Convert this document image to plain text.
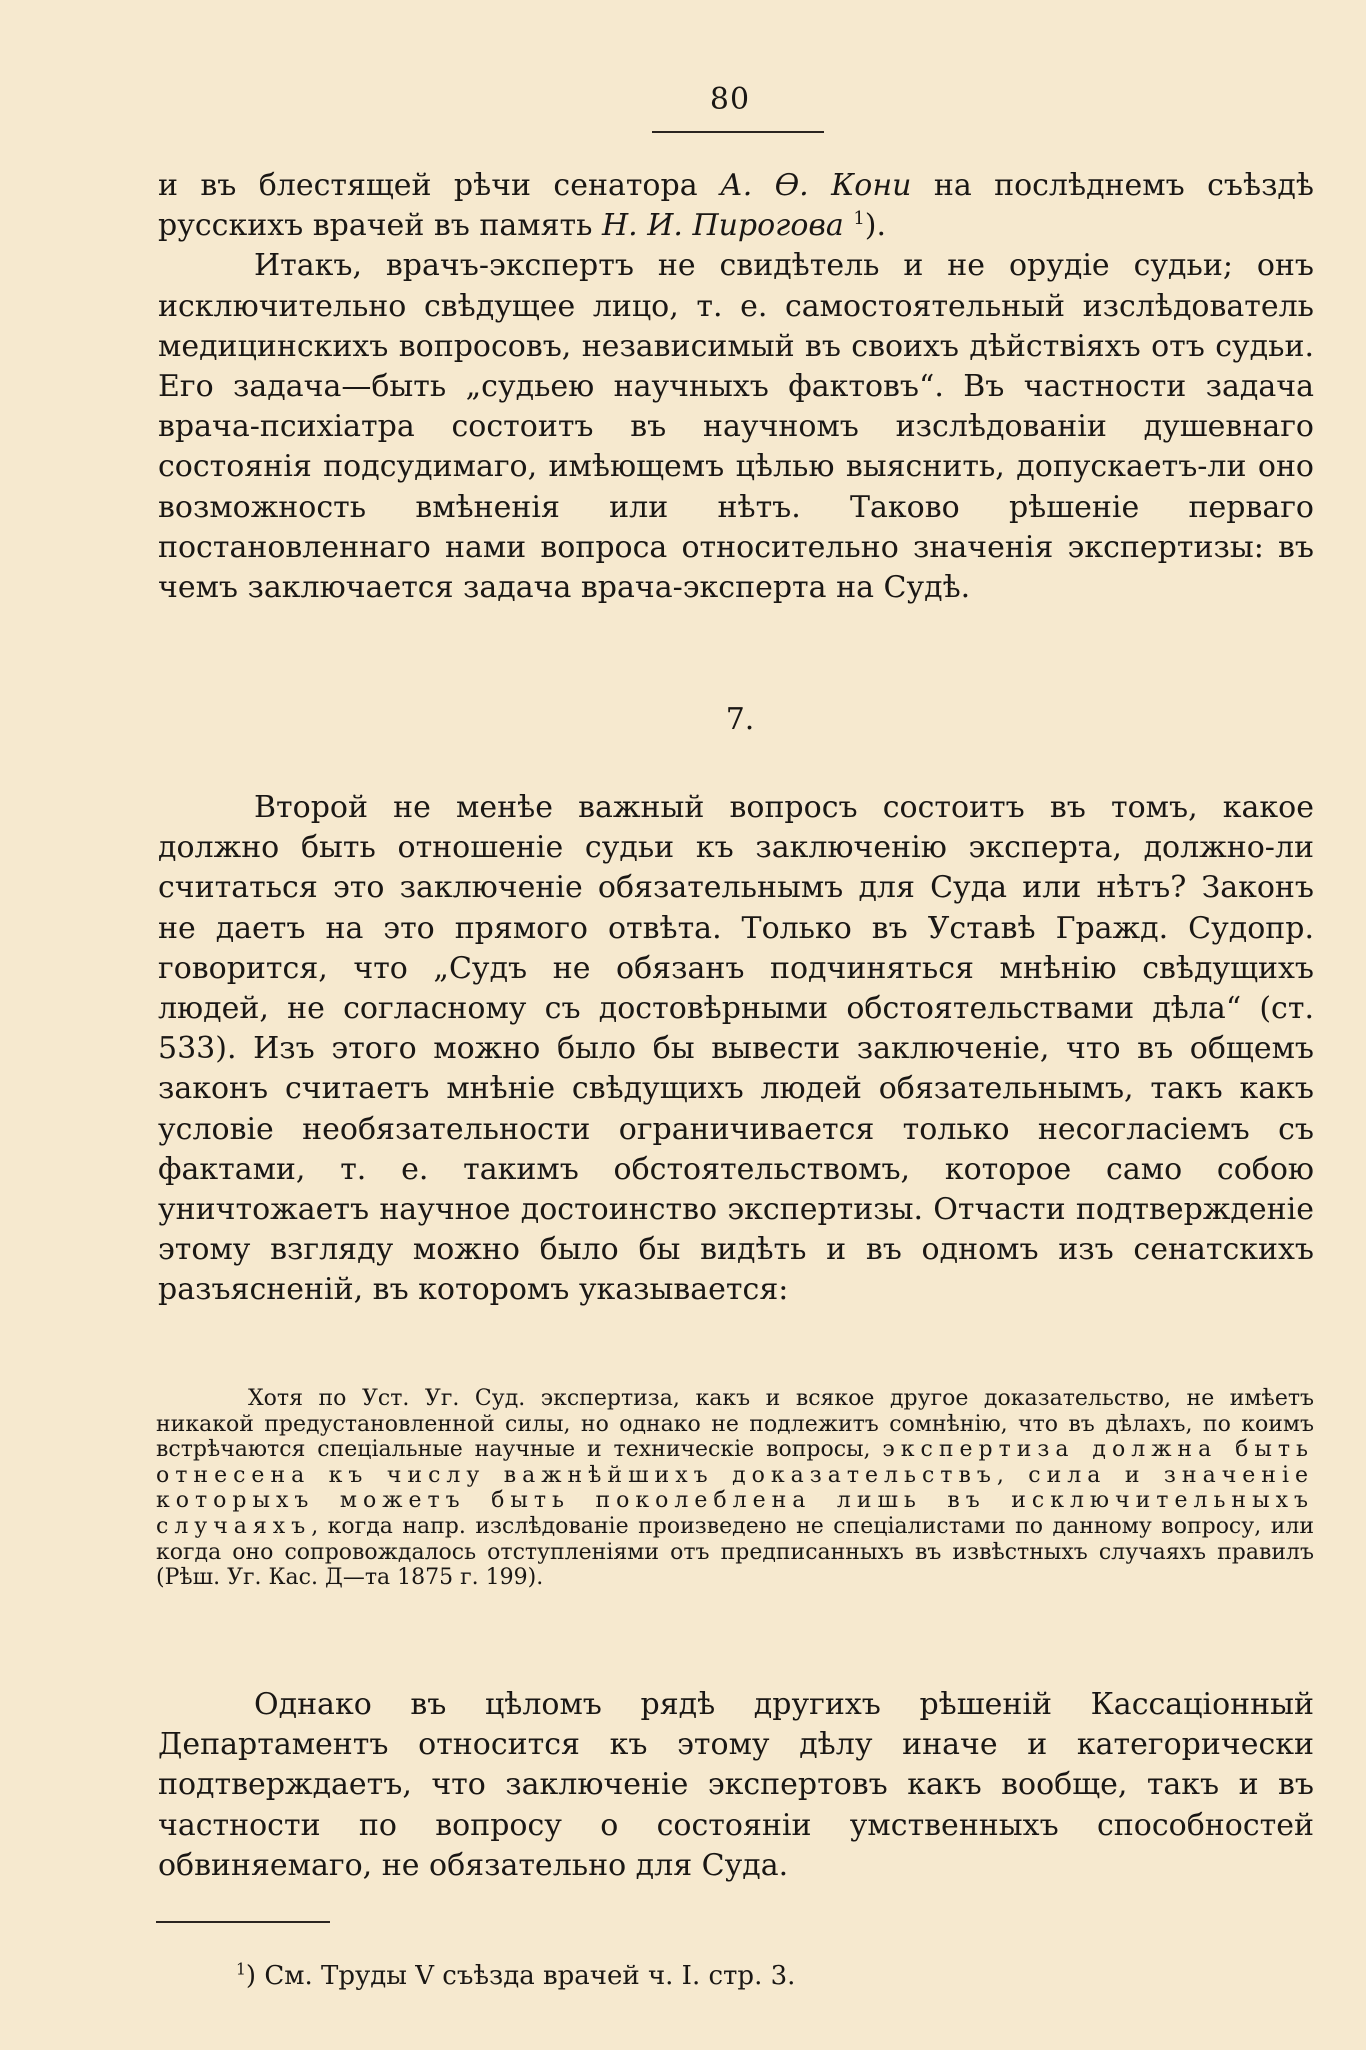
80

и въ блестящей рѣчи сенатора А. Ѳ. Кони на послѣднемъ съѣздѣ русскихъ врачей въ память Н. И. Пирогова $^1$).

Итакъ, врачъ-экспертъ не свидѣтель и не орудіе судьи; онъ исключительно свѣдущее лицо, т. е. самостоятельный изслѣдователь медицинскихъ вопросовъ, независимый въ своихъ дѣйствіяхъ отъ судьи. Его задача—быть „судьею научныхъ фактовъ“. Въ частности задача врача-психіатра состоитъ въ научномъ изслѣдованіи душевнаго состоянія подсудимаго, имѣющемъ цѣлью выяснить, допускаетъ-ли оно возможность вмѣненія или нѣтъ. Таково рѣшеніе перваго постановленнаго нами вопроса относительно значенія экспертизы: въ чемъ заключается задача врача-эксперта на Судѣ.

7.

Второй не менѣе важный вопросъ состоитъ въ томъ, какое должно быть отношеніе судьи къ заключенію эксперта, должно-ли считаться это заключеніе обязательнымъ для Суда или нѣтъ? Законъ не даетъ на это прямого отвѣта. Только въ Уставѣ Гражд. Судопр. говорится, что „Судъ не обязанъ подчиняться мнѣнію свѣдущихъ людей, не согласному съ достовѣрными обстоятельствами дѣла“ (ст. 533). Изъ этого можно было бы вывести заключеніе, что въ общемъ законъ считаетъ мнѣніе свѣдущихъ людей обязательнымъ, такъ какъ условіе необязательности ограничивается только несогласіемъ съ фактами, т. е. такимъ обстоятельствомъ, которое само собою уничтожаетъ научное достоинство экспертизы. Отчасти подтвержденіе этому взгляду можно было бы видѣть и въ одномъ изъ сенатскихъ разъясненій, въ которомъ указывается:

Хотя по Уст. Уг. Суд. экспертиза, какъ и всякое другое доказательство, не имѣетъ никакой предустановленной силы, но однако не подлежитъ сомнѣнію, что въ дѣлахъ, по коимъ встрѣчаются спеціальные научные и техническіе вопросы, экспертиза должна быть отнесена къ числу важнѣйшихъ доказательствъ, сила и значеніе которыхъ можетъ быть поколеблена лишь въ исключительныхъ случаяхъ, когда напр. изслѣдованіе произведено не спеціалистами по данному вопросу, или когда оно сопровождалось отступленіями отъ предписанныхъ въ извѣстныхъ случаяхъ правилъ (Рѣш. Уг. Кас. Д—та 1875 г. 199).

Однако въ цѣломъ рядѣ другихъ рѣшеній Кассаціонный Департаментъ относится къ этому дѣлу иначе и категорически подтверждаетъ, что заключеніе экспертовъ какъ вообще, такъ и въ частности по вопросу о состояніи умственныхъ способностей обвиняемаго, не обязательно для Суда.

$^1$) См. Труды V съѣзда врачей ч. I. стр. 3.
